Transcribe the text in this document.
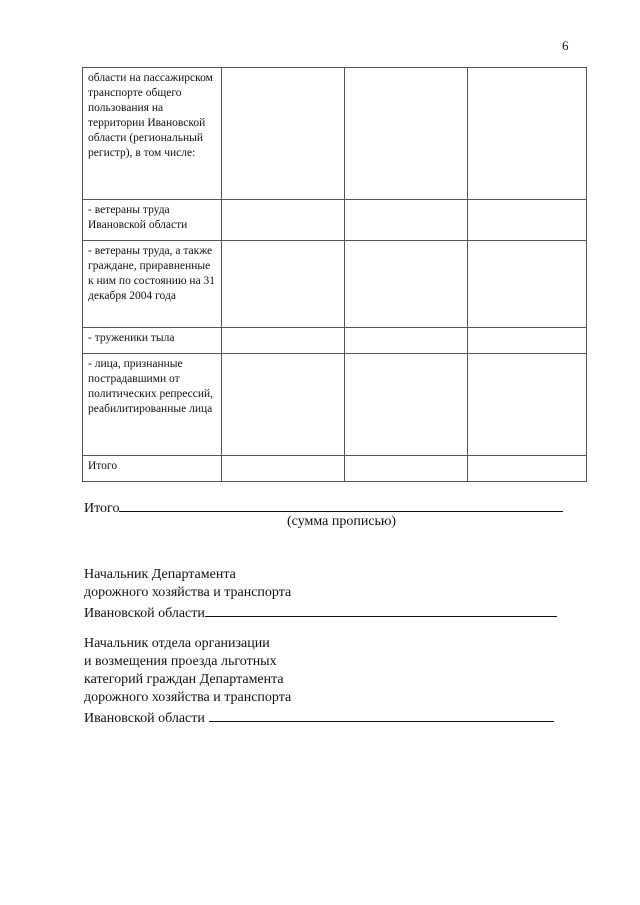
6
области на пассажирском транспорте общего пользования на территории Ивановской области (региональный регистр), в том числе:			
- ветераны труда Ивановской области			
- ветераны труда, а также граждане, приравненные к ним по состоянию на 31 декабря 2004 года			
- труженики тыла			
- лица, признанные пострадавшими от политических репрессий, реабилитированные лица			
Итого			
Итого
(сумма прописью)
Начальник Департамента
дорожного хозяйства и транспорта
Ивановской области
Начальник отдела организации
и возмещения проезда льготных
категорий граждан Департамента
дорожного хозяйства и транспорта
Ивановской области
